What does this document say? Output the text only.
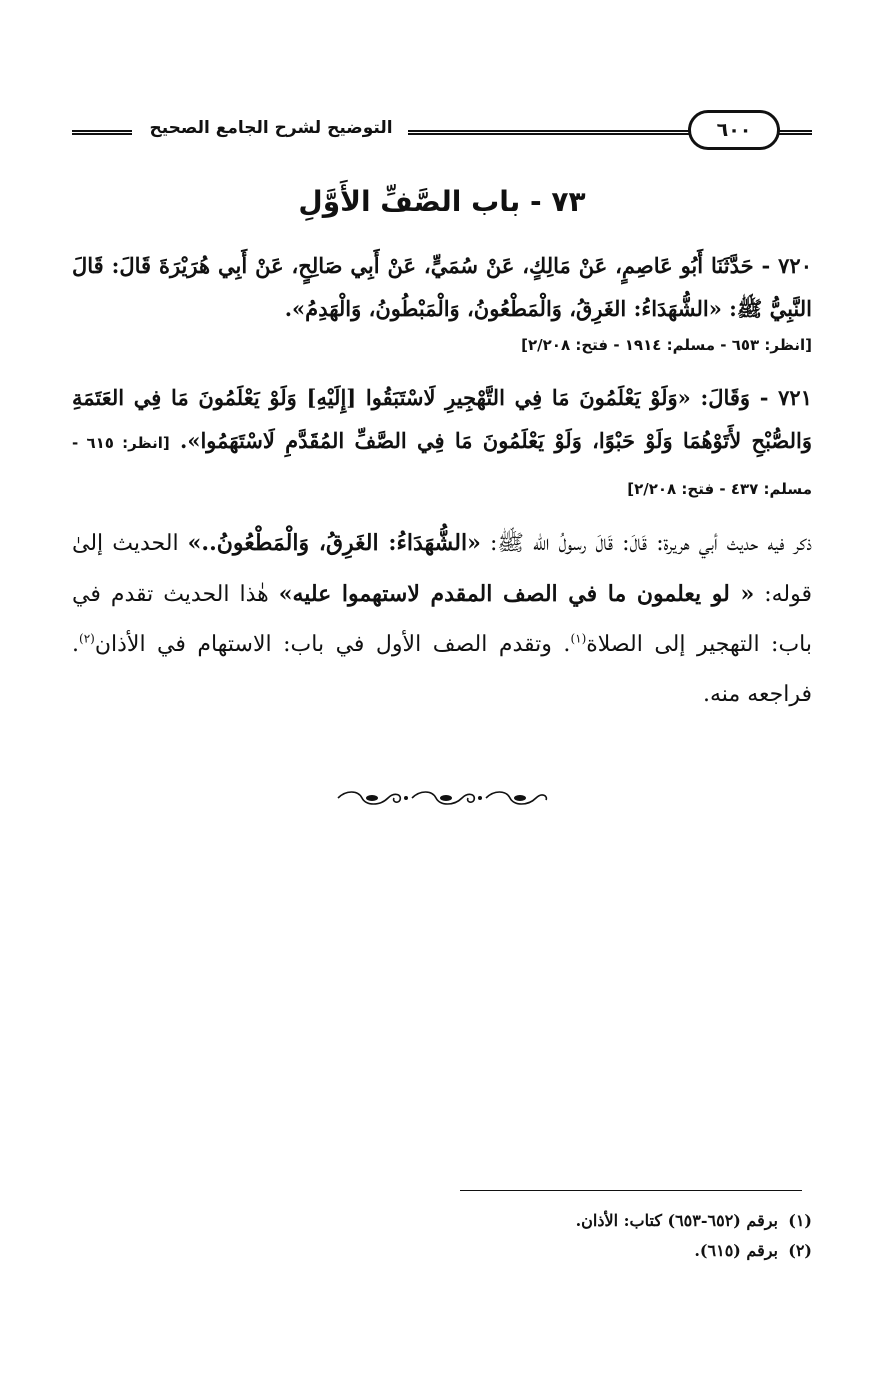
التوضيح لشرح الجامع الصحيح	٦٠٠
٧٣ - باب الصَّفِّ الأَوَّلِ
٧٢٠ - حَدَّثَنَا أَبُو عَاصِمٍ، عَنْ مَالِكٍ، عَنْ سُمَيٍّ، عَنْ أَبِي صَالِحٍ، عَنْ أَبِي هُرَيْرَةَ قَالَ: قَالَ النَّبِيُّ ﷺ: «الشُّهَدَاءُ: الغَرِقُ، وَالْمَطْعُونُ، وَالْمَبْطُونُ، وَالْهَدِمُ».
[انظر: ٦٥٣ - مسلم: ١٩١٤ - فتح: ٢/٢٠٨]
٧٢١ - وَقَالَ: «وَلَوْ يَعْلَمُونَ مَا فِي التَّهْجِيرِ لَاسْتَبَقُوا [إِلَيْهِ] وَلَوْ يَعْلَمُونَ مَا فِي العَتَمَةِ وَالصُّبْحِ لأَتَوْهُمَا وَلَوْ حَبْوًا، وَلَوْ يَعْلَمُونَ مَا فِي الصَّفِّ المُقَدَّمِ لَاسْتَهَمُوا». [انظر: ٦١٥ - مسلم: ٤٣٧ - فتح: ٢/٢٠٨]
ذكر فيه حديث أبي هريرة: قَالَ: قَالَ رسولُ الله ﷺ: «الشُّهَدَاءُ: الغَرِقُ، وَالْمَطْعُونُ..» الحديث إلىٰ قوله: « لو يعلمون ما في الصف المقدم لاستهموا عليه» هٰذا الحديث تقدم في باب: التهجير إلى الصلاة$^{(١)}$. وتقدم الصف الأول في باب: الاستهام في الأذان$^{(٢)}$. فراجعه منه.
(١)برقم (٦٥٢-٦٥٣) كتاب: الأذان.
(٢)برقم (٦١٥).
